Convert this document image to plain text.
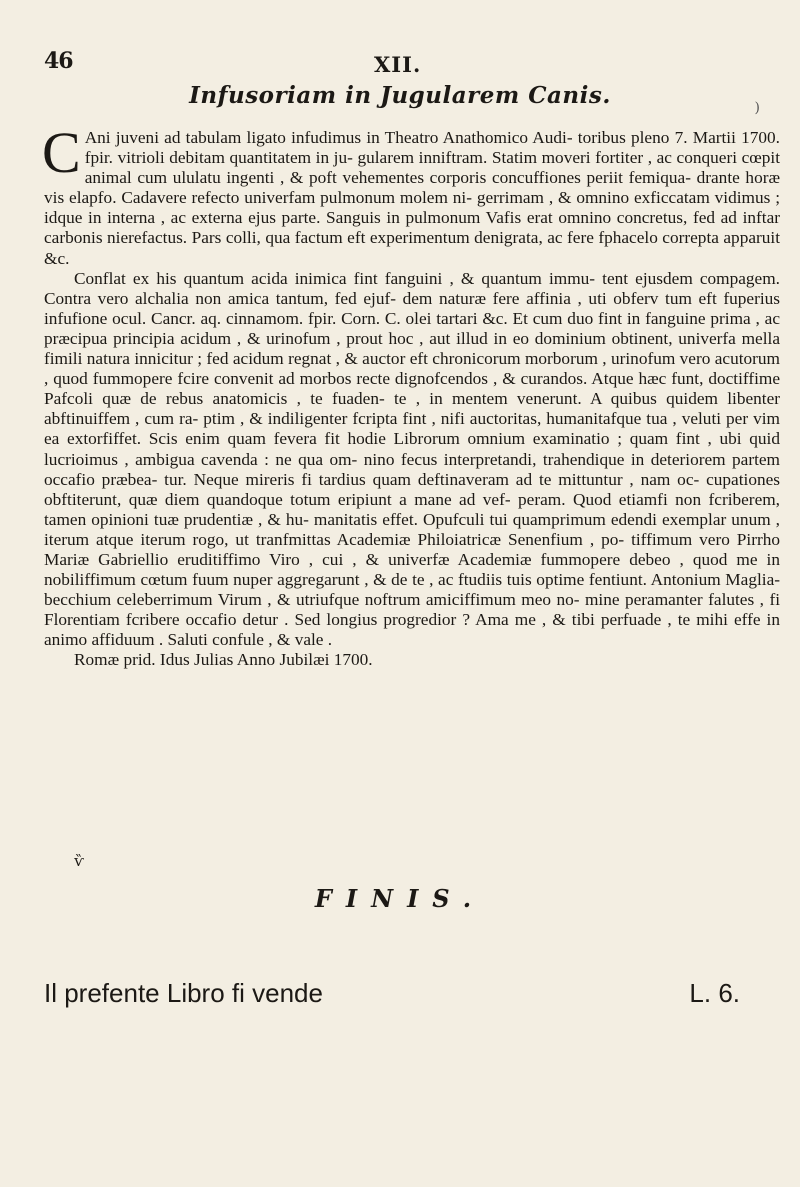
46	XII.
)
Infusoriam in Jugularem Canis.

C Ani juveni ad tabulam ligato infudimus in Theatro Anathomico Audi- toribus pleno 7. Martii 1700. fpir. vitrioli debitam quantitatem in ju- gularem inniftram. Statim moveri fortiter , ac conqueri cœpit animal cum ululatu ingenti , & poft vehementes corporis concuffiones periit femiqua- drante horæ vis elapfo. Cadavere refecto univerfam pulmonum molem ni- gerrimam , & omnino exficcatam vidimus ; idque in interna , ac externa ejus parte. Sanguis in pulmonum Vafis erat omnino concretus, fed ad inftar carbonis nierefactus. Pars colli, qua factum eft experimentum denigrata, ac fere fphacelo correpta apparuit &c.

Conflat ex his quantum acida inimica fint fanguini , & quantum immu- tent ejusdem compagem. Contra vero alchalia non amica tantum, fed ejuf- dem naturæ fere affinia , uti obferv tum eft fuperius infufione ocul. Cancr. aq. cinnamom. fpir. Corn. C. olei tartari &c. Et cum duo fint in fanguine prima , ac præcipua principia acidum , & urinofum , prout hoc , aut illud in eo dominium obtinent, univerfa mella fimili natura innicitur ; fed acidum regnat , & auctor eft chronicorum morborum , urinofum vero acutorum , quod fummopere fcire convenit ad morbos recte dignofcendos , & curandos. Atque hæc funt, doctiffime Pafcoli quæ de rebus anatomicis , te fuaden- te , in mentem venerunt. A quibus quidem libenter abftinuiffem , cum ra- ptim , & indiligenter fcripta fint , nifi auctoritas, humanitafque tua , veluti per vim ea extorfiffet. Scis enim quam fevera fit hodie Librorum omnium examinatio ; quam fint , ubi quid lucrioimus , ambigua cavenda : ne qua om- nino fecus interpretandi, trahendique in deteriorem partem occafio præbea- tur. Neque mireris fi tardius quam deftinaveram ad te mittuntur , nam oc- cupationes obftiterunt, quæ diem quandoque totum eripiunt a mane ad vef- peram. Quod etiamfi non fcriberem, tamen opinioni tuæ prudentiæ , & hu- manitatis effet. Opufculi tui quamprimum edendi exemplar unum , iterum atque iterum rogo, ut tranfmittas Academiæ Philoiatricæ Senenfium , po- tiffimum vero Pirrho Mariæ Gabriellio eruditiffimo Viro , cui , & univerfæ Academiæ fummopere debeo , quod me in nobiliffimum cœtum fuum nuper aggregarunt , & de te , ac ftudiis tuis optime fentiunt. Antonium Maglia- becchium celeberrimum Virum , & utriufque noftrum amiciffimum meo no- mine peramanter falutes , fi Florentiam fcribere occafio detur . Sed longius progredior ? Ama me , & tibi perfuade , te mihi effe in animo affiduum . Saluti confule , & vale .

Romæ prid. Idus Julias Anno Jubilæi 1700.

ѷ
FINIS.
Il prefente Libro fi vende	L. 6.
